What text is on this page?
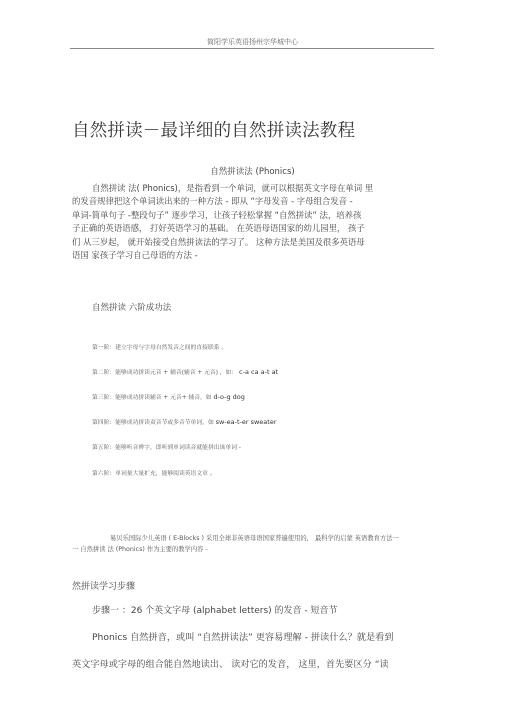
简阳学乐英语扬州宗华城中心
自然拼读－最详细的自然拼读法教程
自然拼读法 (Phonics)
自然拼读 法( Phonics)，是指看到一个单词，就可以根据英文字母在单词 里
的发音规律把这个单词读出来的一种方法 - 即从 “字母发音 - 字母组合发音 -
单词-简单句子 -整段句子” 逐步学习，让孩子轻松掌握 “自然拼读” 法，培养孩
子正确的英语语感， 打好英语学习的基础。 在英语母语国家的幼儿园里， 孩子
们 从三岁起， 就开始接受自然拼读法的学习了。 这种方法是美国及很多英语母
语国 家孩子学习自己母语的方法 -
自然拼读 六阶成功法
第一阶：建立字母与字母自然发音之间的直接联系 。
第二阶：能够成功拼读元音 + 辅音(辅音 + 元音) ，如： c-a ca a-t at
第三阶：能够成功拼读辅音 + 元音+ 辅音，如 d-o-g dog
第四阶：能够成功拼读双音节或多音节单词，如 sw-ea-t-er sweater
第五阶：能够听音辨字，即听到单词读音就能拼出该单词 -
第六阶：单词量大量扩充，能够阅读英语文章 。
易贝乐国际少儿英语 ( E-Blocks ) 采用全球非英语母语国家普遍使用的， 最科学的启蒙 英语教育方法一
一 自然拼读 法 (Phonics) 作为主要的教学内容 -
然拼读学习步骤
步骤一 ：26 个英文字母 (alphabet letters) 的发音 - 短音节
Phonics 自然拼音，或叫 “自然拼读法” 更容易理解 - 拼读什么？就是看到
英文字母或字母的组合能自然地读出、 读对它的发音， 这里，首先要区分 “读
